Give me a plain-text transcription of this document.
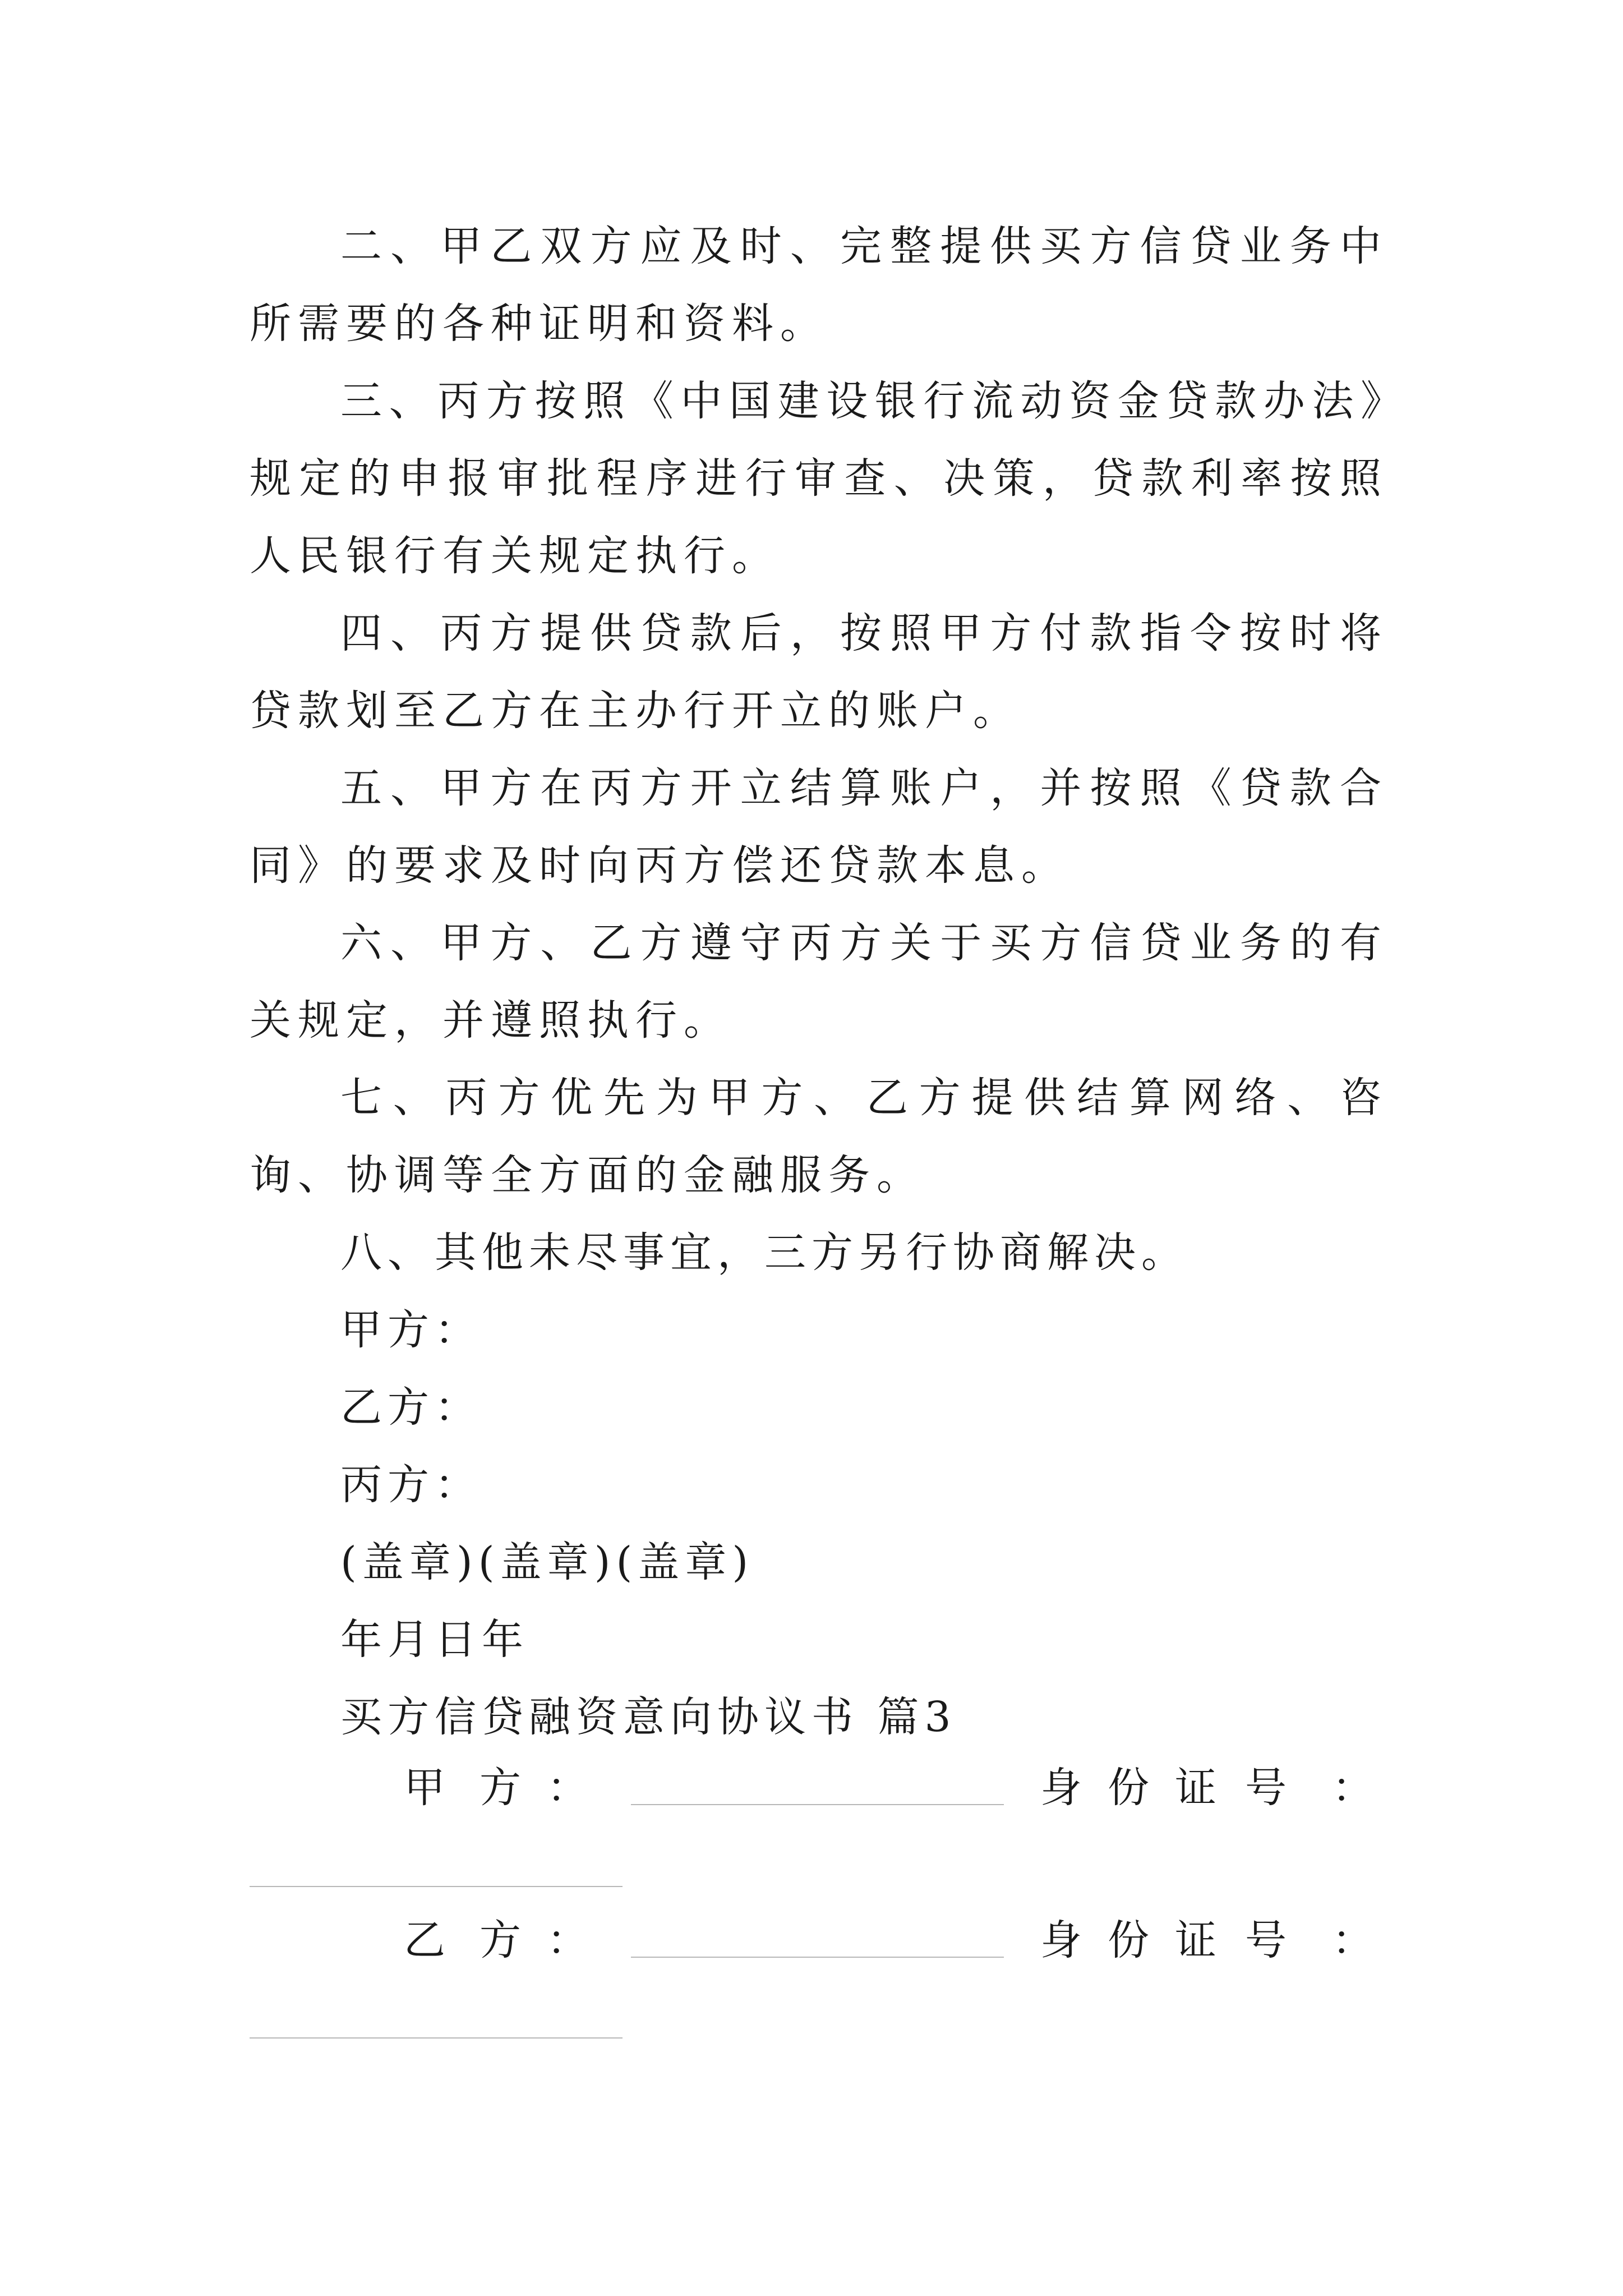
二、甲乙双方应及时、完整提供买方信贷业务中所需要的各种证明和资料。

三、丙方按照《中国建设银行流动资金贷款办法》规定的申报审批程序进行审查、决策，贷款利率按照人民银行有关规定执行。

四、丙方提供贷款后，按照甲方付款指令按时将贷款划至乙方在主办行开立的账户。

五、甲方在丙方开立结算账户，并按照《贷款合同》的要求及时向丙方偿还贷款本息。

六、甲方、乙方遵守丙方关于买方信贷业务的有关规定，并遵照执行。

七、丙方优先为甲方、乙方提供结算网络、咨询、协调等全方面的金融服务。

八、其他未尽事宜，三方另行协商解决。

甲方：

乙方：

丙方：

(盖章)(盖章)(盖章)

年月日年

买方信贷融资意向协议书 篇3

甲 方 ：	身 份 证 号 ：
乙 方 ：	身 份 证 号 ：
